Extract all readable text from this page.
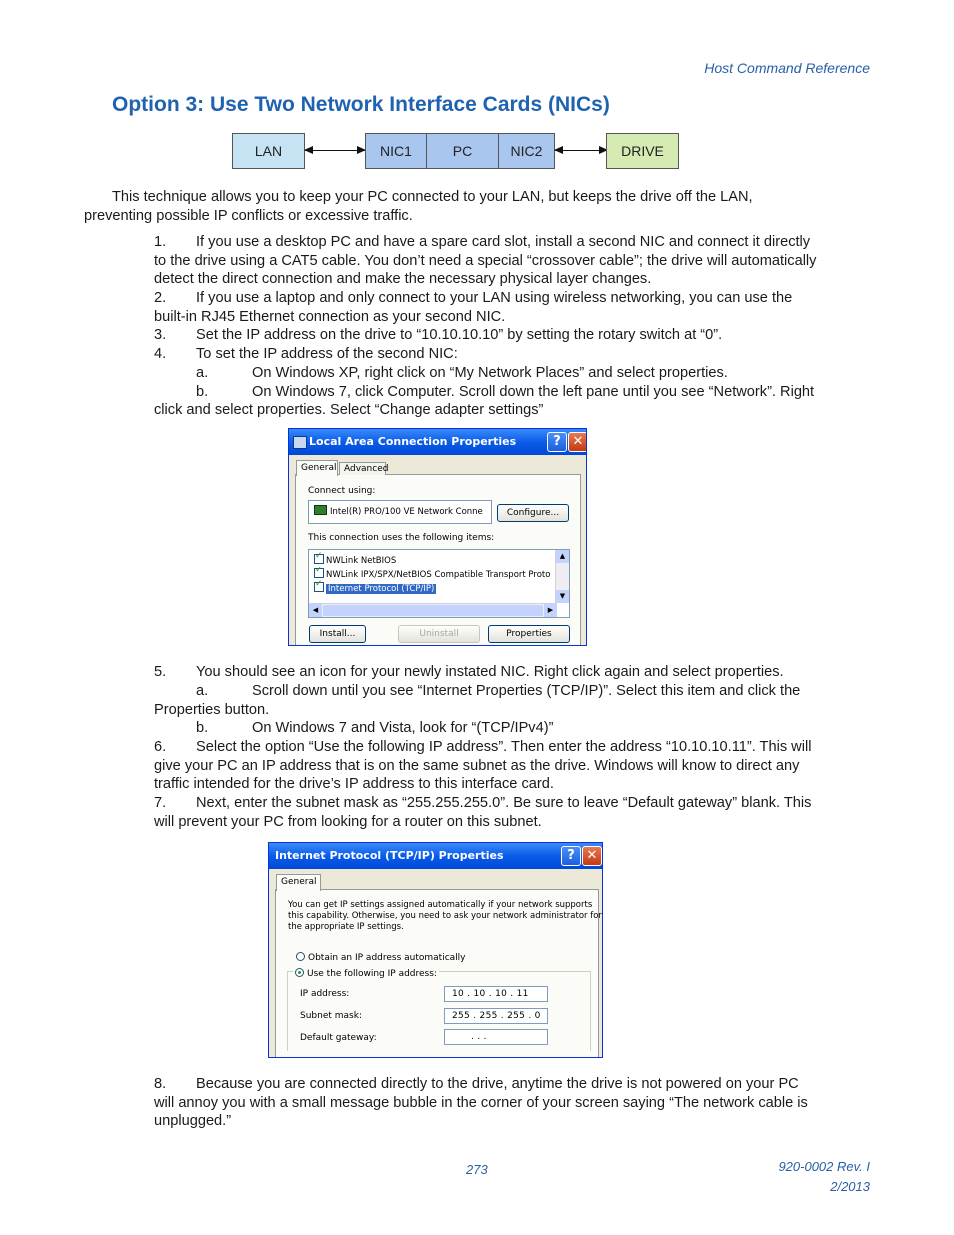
Host Command Reference
Option 3: Use Two Network Interface Cards (NICs)
LAN	NIC1	PC	NIC2	DRIVE
This technique allows you to keep your PC connected to your LAN, but keeps the drive off the LAN,
preventing possible IP conflicts or excessive traffic.
1. If you use a desktop PC and have a spare card slot, install a second NIC and connect it directly
to the drive using a CAT5 cable. You don’t need a special “crossover cable”; the drive will automatically
detect the direct connection and make the necessary physical layer changes.
2. If you use a laptop and only connect to your LAN using wireless networking, you can use the
built-in RJ45 Ethernet connection as your second NIC.
3. Set the IP address on the drive to “10.10.10.10” by setting the rotary switch at “0”.
4. To set the IP address of the second NIC:
a.	On Windows XP, right click on “My Network Places” and select properties.
b.	On Windows 7, click Computer. Scroll down the left pane until you see “Network”. Right
click and select properties. Select “Change adapter settings”
Local Area Connection Properties	? ✕
General Advanced
Connect using:
Intel(R) PRO/100 VE Network Conne	Configure...
This connection uses the following items:
✓NWLink NetBIOS
✓NWLink IPX/SPX/NetBIOS Compatible Transport Proto
✓Internet Protocol (TCP/IP)
▲
▼
◀	▶
Install...	Uninstall	Properties
5. You should see an icon for your newly instated NIC. Right click again and select properties.
a.	Scroll down until you see “Internet Properties (TCP/IP)”. Select this item and click the
Properties button.
b.	On Windows 7 and Vista, look for “(TCP/IPv4)”
6. Select the option “Use the following IP address”. Then enter the address “10.10.10.11”. This will
give your PC an IP address that is on the same subnet as the drive. Windows will know to direct any
traffic intended for the drive’s IP address to this interface card.
7. Next, enter the subnet mask as “255.255.255.0”. Be sure to leave “Default gateway” blank. This
will prevent your PC from looking for a router on this subnet.
Internet Protocol (TCP/IP) Properties	? ✕
General
You can get IP settings assigned automatically if your network supports
this capability. Otherwise, you need to ask your network administrator for
the appropriate IP settings.
Obtain an IP address automatically
Use the following IP address:
IP address:	10 . 10 . 10 . 11
Subnet mask:	255 . 255 . 255 . 0
Default gateway:	. . .
8. Because you are connected directly to the drive, anytime the drive is not powered on your PC
will annoy you with a small message bubble in the corner of your screen saying “The network cable is
unplugged.”
273	920-0002 Rev. I
2/2013
